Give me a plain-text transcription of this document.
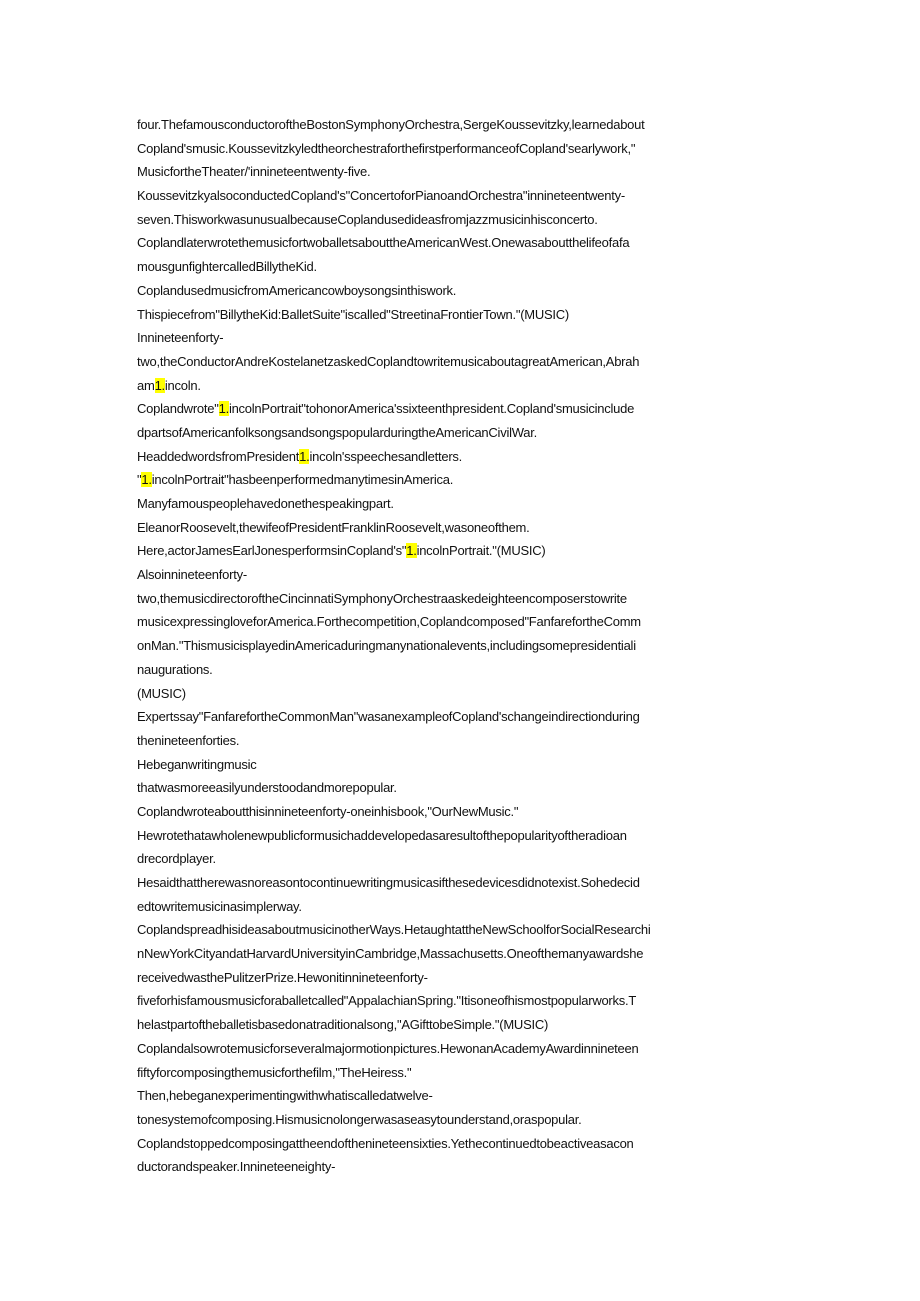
four.ThefamousconductoroftheBostonSymphonyOrchestra,SergeKoussevitzky,learnedabout
Copland'smusic.KoussevitzkyledtheorchestraforthefirstperformanceofCopland'searlywork,"
MusicfortheTheater/'innineteentwenty-five.
KoussevitzkyalsoconductedCopland's"ConcertoforPianoandOrchestra"innineteentwenty-
seven.ThisworkwasunusualbecauseCoplandusedideasfromjazzmusicinhisconcerto.
CoplandlaterwrotethemusicfortwoballetsabouttheAmericanWest.Onewasaboutthelifeofafa
mousgunfightercalledBillytheKid.
CoplandusedmusicfromAmericancowboysongsinthiswork.
Thispiecefrom"BillytheKid:BalletSuite"iscalled"StreetinaFrontierTown."(MUSIC)
Innineteenforty-
two,theConductorAndreKostelanetzaskedCoplandtowritemusicaboutagreatAmerican,Abrah
am1.incoln.
Coplandwrote"1.incolnPortrait"tohonorAmerica'ssixteenthpresident.Copland'smusicinclude
dpartsofAmericanfolksongsandsongspopularduringtheAmericanCivilWar.
HeaddedwordsfromPresident1.incoln'sspeechesandletters.
"1.incolnPortrait"hasbeenperformedmanytimesinAmerica.
Manyfamouspeoplehavedonethespeakingpart.
EleanorRoosevelt,thewifeofPresidentFranklinRoosevelt,wasoneofthem.
Here,actorJamesEarlJonesperformsinCopland's"1.incolnPortrait."(MUSIC)
Alsoinnineteenforty-
two,themusicdirectoroftheCincinnatiSymphonyOrchestraaskedeighteencomposerstowrite
musicexpressingloveforAmerica.Forthecompetition,Coplandcomposed"FanfarefortheComm
onMan."ThismusicisplayedinAmericaduringmanynationalevents,includingsomepresidentiali
naugurations.
(MUSIC)
Expertssay"FanfarefortheCommonMan"wasanexampleofCopland'schangeindirectionduring
thenineteenforties.
Hebeganwritingmusic
thatwasmoreeasilyunderstoodandmorepopular.
Coplandwroteaboutthisinnineteenforty-oneinhisbook,"OurNewMusic."
Hewrotethatawholenewpublicformusichaddevelopedasaresultofthepopularityoftheradioan
drecordplayer.
Hesaidthattherewasnoreasontocontinuewritingmusicasifthesedevicesdidnotexist.Sohedecid
edtowritemusicinasimplerway.
CoplandspreadhisideasaboutmusicinotherWays.HetaughtattheNewSchoolforSocialResearchi
nNewYorkCityandatHarvardUniversityinCambridge,Massachusetts.Oneofthemanyawardshe
receivedwasthePulitzerPrize.Hewonitinnineteenforty-
fiveforhisfamousmusicforaballetcalled"AppalachianSpring."Itisoneofhismostpopularworks.T
helastpartoftheballetisbasedonatraditionalsong,"AGifttobeSimple."(MUSIC)
Coplandalsowrotemusicforseveralmajormotionpictures.HewonanAcademyAwardinnineteen
fiftyforcomposingthemusicforthefilm,"TheHeiress."
Then,hebeganexperimentingwithwhatiscalledatwelve-
tonesystemofcomposing.Hismusicnolongerwasaseasytounderstand,oraspopular.
Coplandstoppedcomposingattheendofthenineteensixties.Yethecontinuedtobeactiveasacon
ductorandspeaker.Innineteeneighty-
